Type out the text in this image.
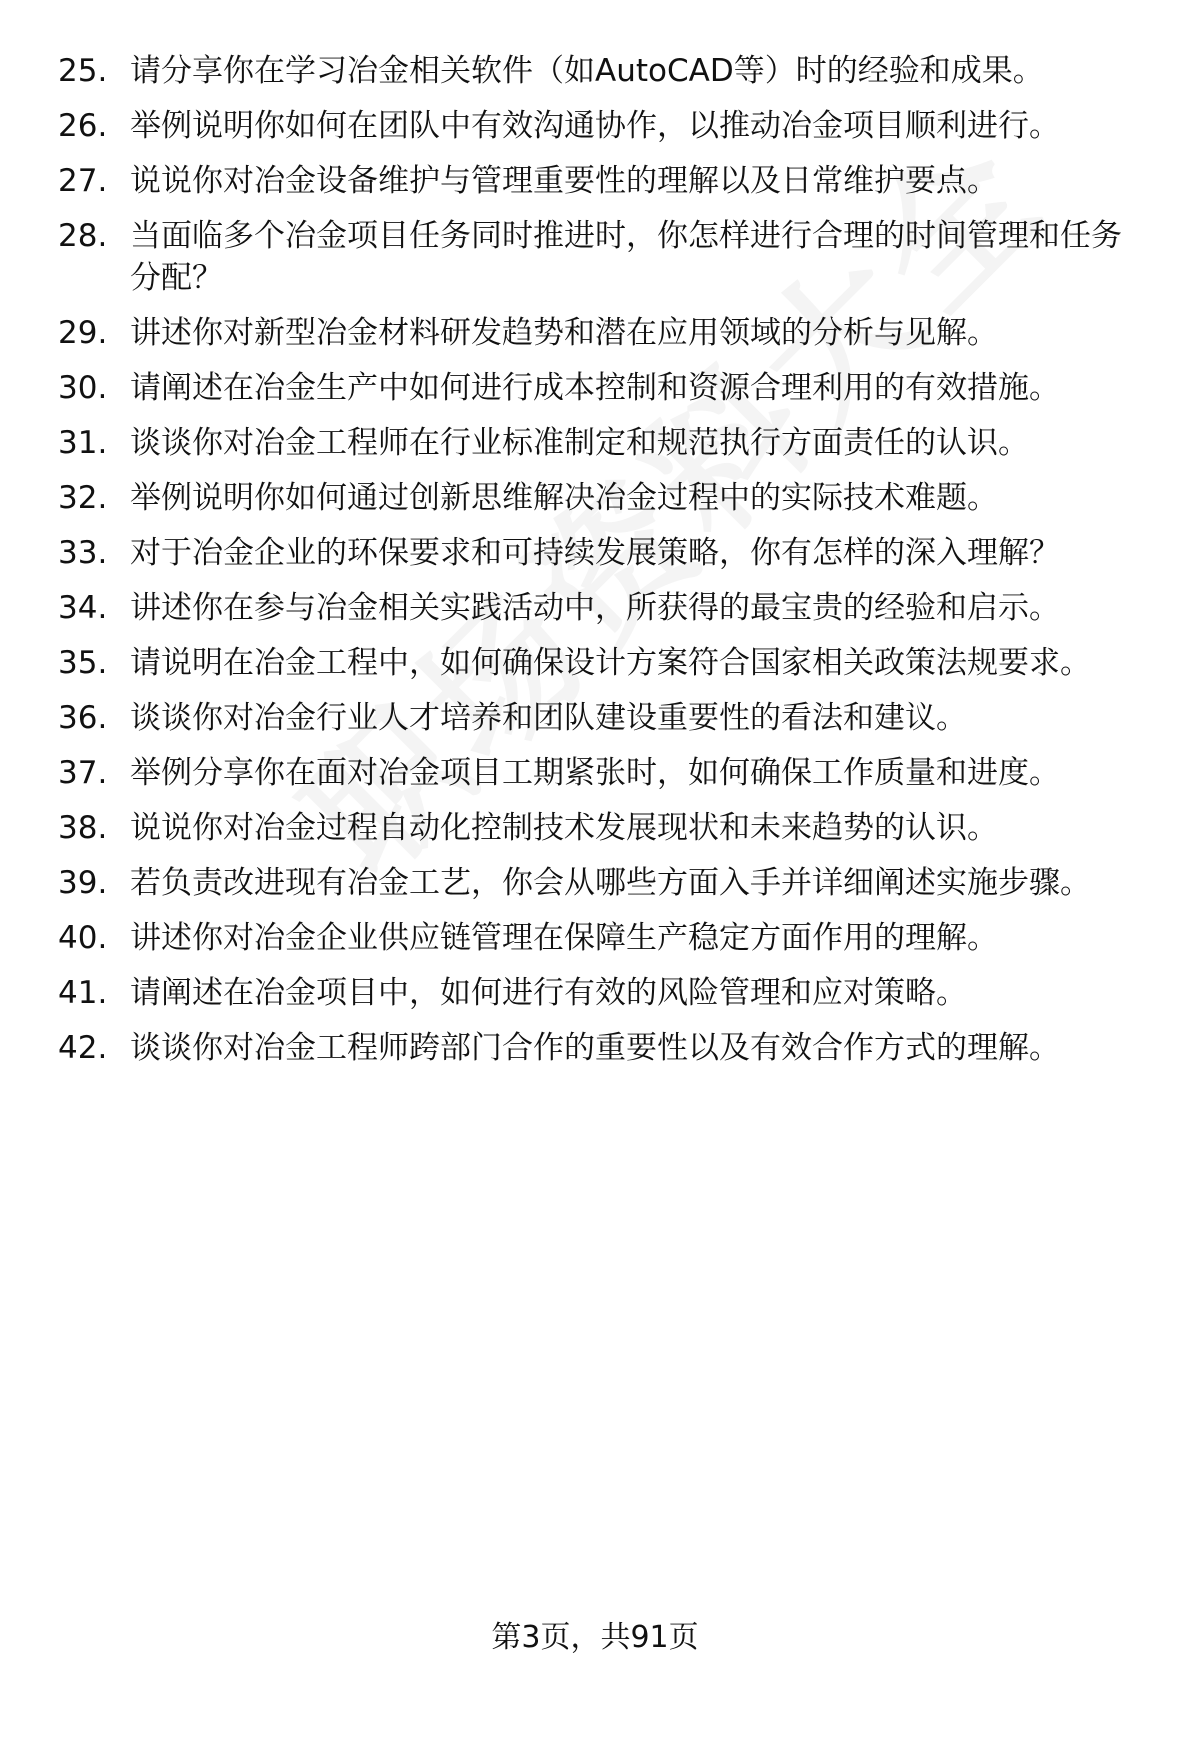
25. 请分享你在学习冶金相关软件（如AutoCAD等）时的经验和成果。
26. 举例说明你如何在团队中有效沟通协作，以推动冶金项目顺利进行。
27. 说说你对冶金设备维护与管理重要性的理解以及日常维护要点。
28. 当面临多个冶金项目任务同时推进时，你怎样进行合理的时间管理和任务分配？
29. 讲述你对新型冶金材料研发趋势和潜在应用领域的分析与见解。
30. 请阐述在冶金生产中如何进行成本控制和资源合理利用的有效措施。
31. 谈谈你对冶金工程师在行业标准制定和规范执行方面责任的认识。
32. 举例说明你如何通过创新思维解决冶金过程中的实际技术难题。
33. 对于冶金企业的环保要求和可持续发展策略，你有怎样的深入理解？
34. 讲述你在参与冶金相关实践活动中，所获得的最宝贵的经验和启示。
35. 请说明在冶金工程中，如何确保设计方案符合国家相关政策法规要求。
36. 谈谈你对冶金行业人才培养和团队建设重要性的看法和建议。
37. 举例分享你在面对冶金项目工期紧张时，如何确保工作质量和进度。
38. 说说你对冶金过程自动化控制技术发展现状和未来趋势的认识。
39. 若负责改进现有冶金工艺，你会从哪些方面入手并详细阐述实施步骤。
40. 讲述你对冶金企业供应链管理在保障生产稳定方面作用的理解。
41. 请阐述在冶金项目中，如何进行有效的风险管理和应对策略。
42. 谈谈你对冶金工程师跨部门合作的重要性以及有效合作方式的理解。
第3页，共91页
